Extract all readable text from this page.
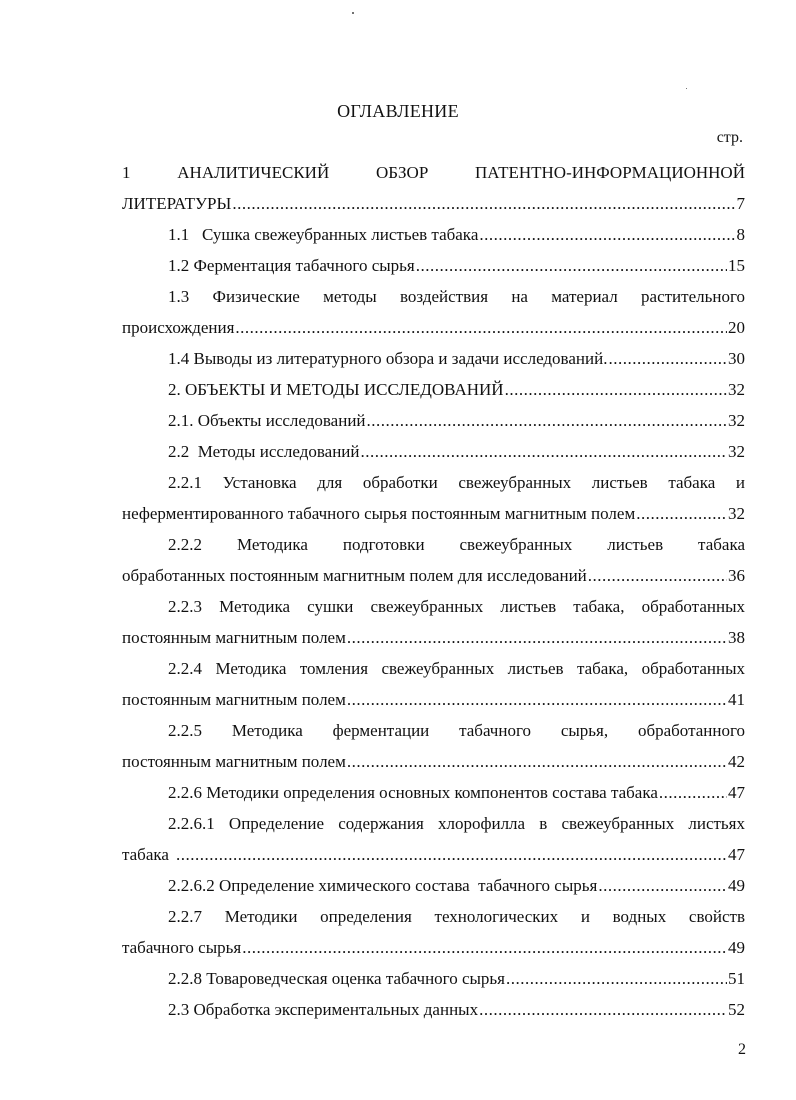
ОГЛАВЛЕНИЕ
стр.
1 АНАЛИТИЧЕСКИЙ ОБЗОР ПАТЕНТНО-ИНФОРМАЦИОННОЙ
ЛИТЕРАТУРЫ .....	7
1.1   Сушка свежеубранных листьев табака .....	8
1.2 Ферментация табачного сырья .....	15
1.3 Физические методы воздействия на материал растительного
происхождения .....	20
1.4 Выводы из литературного обзора и задачи исследований. .....	30
2. ОБЪЕКТЫ И МЕТОДЫ ИССЛЕДОВАНИЙ .....	32
2.1. Объекты исследований .....	32
2.2  Методы исследований .....	32
2.2.1 Установка для обработки свежеубранных листьев табака и
неферментированного табачного сырья постоянным магнитным полем .....	32
2.2.2 Методика подготовки свежеубранных листьев табака
обработанных постоянным магнитным полем для исследований .....	36
2.2.3 Методика сушки свежеубранных листьев табака, обработанных
постоянным магнитным полем .....	38
2.2.4 Методика томления свежеубранных листьев табака, обработанных
постоянным магнитным полем .....	41
2.2.5 Методика ферментации табачного сырья, обработанного
постоянным магнитным полем .....	42
2.2.6 Методики определения основных компонентов состава табака .....	47
2.2.6.1 Определение содержания хлорофилла в свежеубранных листьях
табака .....	47
2.2.6.2 Определение химического состава  табачного сырья .....	49
2.2.7 Методики определения технологических и водных свойств
табачного сырья .....	49
2.2.8 Товароведческая оценка табачного сырья .....	51
2.3 Обработка экспериментальных данных .....	52
2
